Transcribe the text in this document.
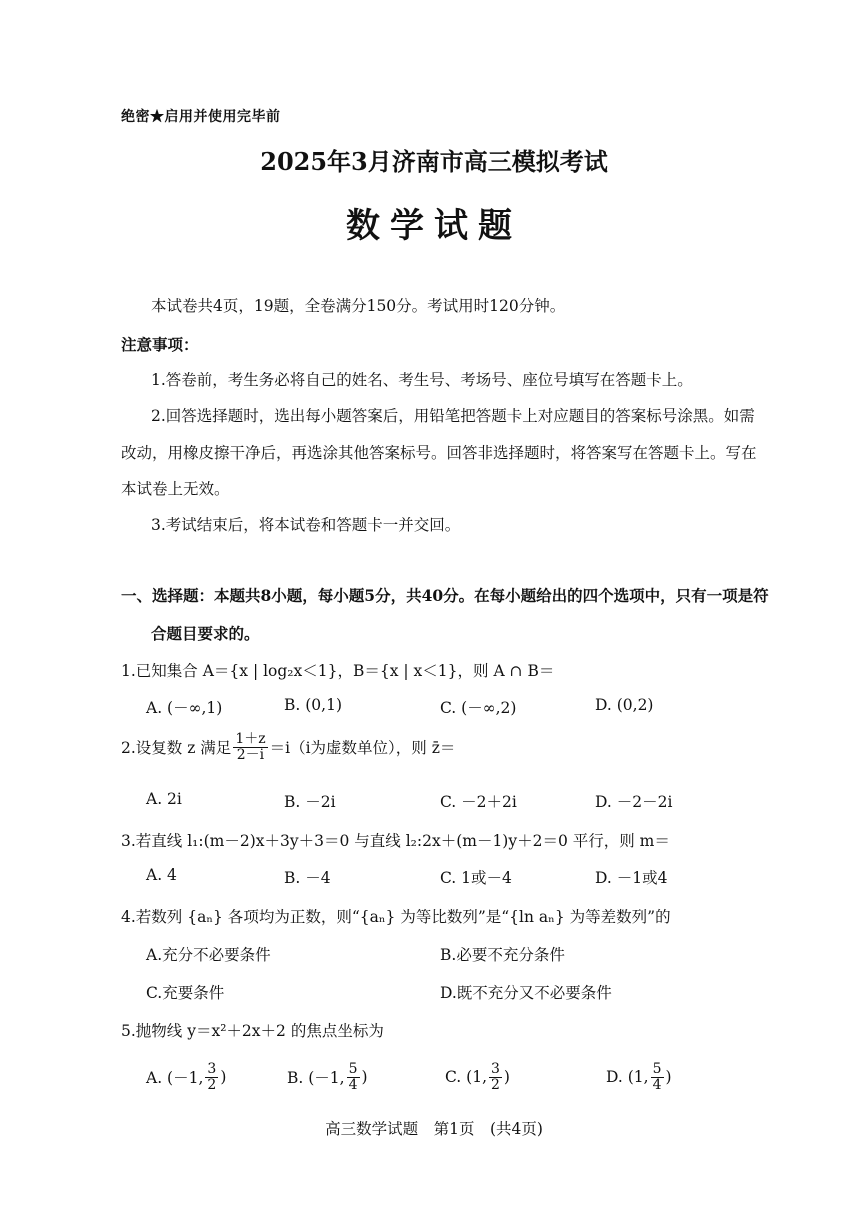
绝密★启用并使用完毕前
2025年3月济南市高三模拟考试
数学试题
本试卷共4页，19题，全卷满分150分。考试用时120分钟。
注意事项：
1.答卷前，考生务必将自己的姓名、考生号、考场号、座位号填写在答题卡上。
2.回答选择题时，选出每小题答案后，用铅笔把答题卡上对应题目的答案标号涂黑。如需
改动，用橡皮擦干净后，再选涂其他答案标号。回答非选择题时，将答案写在答题卡上。写在
本试卷上无效。
3.考试结束后，将本试卷和答题卡一并交回。
一、选择题：本题共8小题，每小题5分，共40分。在每小题给出的四个选项中，只有一项是符
合题目要求的。
1.已知集合 A＝{x | log₂x＜1}，B＝{x | x＜1}，则 A ∩ B＝
A. (－∞,1)	B. (0,1)	C. (－∞,2)	D. (0,2)
2.设复数 z 满足 $\frac{1+z}{2-i} =i(i$为虚数单位），则 z̄＝
A. 2i	B. －2i	C. －2＋2i	D. －2－2i
3.若直线 l₁:(m－2)x＋3y＋3＝0 与直线 l₂:2x＋(m－1)y＋2＝0 平行，则 m＝
A. 4	B. －4	C. 1或－4	D. －1或4
4.若数列 {aₙ} 各项均为正数，则“{aₙ} 为等比数列”是“{ln aₙ} 为等差数列”的
A.充分不必要条件	B.必要不充分条件
C.充要条件	D.既不充分又不必要条件
5.抛物线 y＝x²＋2x＋2 的焦点坐标为
A. (－1, $\frac{3}{2}$ )	B. (－1, $\frac{5}{4}$ )	C. (1, $\frac{3}{2}$ )	D. (1, $\frac{5}{4}$ )
高三数学试题　第1页　(共4页)
